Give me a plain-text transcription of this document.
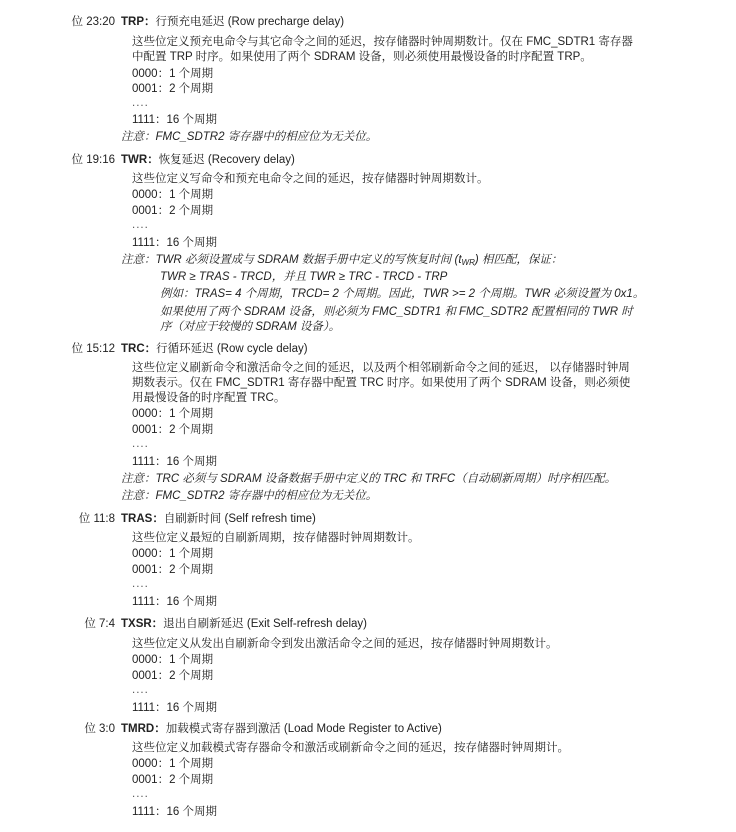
位 23:20 TRP：行预充电延迟 (Row precharge delay)
这些位定义预充电命令与其它命令之间的延迟，按存储器时钟周期数计。仅在 FMC_SDTR1 寄存器
中配置 TRP 时序。如果使用了两个 SDRAM 设备，则必须使用最慢设备的时序配置 TRP。
0000：1 个周期
0001：2 个周期
....
1111：16 个周期
注意：FMC_SDTR2 寄存器中的相应位为无关位。
位 19:16 TWR：恢复延迟 (Recovery delay)
这些位定义写命令和预充电命令之间的延迟，按存储器时钟周期数计。
0000：1 个周期
0001：2 个周期
....
1111：16 个周期
注意：TWR 必须设置成与 SDRAM 数据手册中定义的写恢复时间 $(t_{WR})$ 相匹配，保证：
TWR ≥ TRAS - TRCD，并且 TWR ≥ TRC - TRCD - TRP
例如：TRAS= 4 个周期，TRCD= 2 个周期。因此，TWR >= 2 个周期。TWR 必须设置为 0x1。
如果使用了两个 SDRAM 设备，则必须为 FMC_SDTR1 和 FMC_SDTR2 配置相同的 TWR 时
序（对应于较慢的 SDRAM 设备）。
位 15:12 TRC：行循环延迟 (Row cycle delay)
这些位定义刷新命令和激活命令之间的延迟，以及两个相邻刷新命令之间的延迟， 以存储器时钟周
期数表示。仅在 FMC_SDTR1 寄存器中配置 TRC 时序。如果使用了两个 SDRAM 设备，则必须使
用最慢设备的时序配置 TRC。
0000：1 个周期
0001：2 个周期
....
1111：16 个周期
注意：TRC 必须与 SDRAM 设备数据手册中定义的 TRC 和 TRFC（自动刷新周期）时序相匹配。
注意：FMC_SDTR2 寄存器中的相应位为无关位。
位 11:8 TRAS：自刷新时间 (Self refresh time)
这些位定义最短的自刷新周期，按存储器时钟周期数计。
0000：1 个周期
0001：2 个周期
....
1111：16 个周期
位 7:4 TXSR：退出自刷新延迟 (Exit Self-refresh delay)
这些位定义从发出自刷新命令到发出激活命令之间的延迟，按存储器时钟周期数计。
0000：1 个周期
0001：2 个周期
....
1111：16 个周期
位 3:0 TMRD：加载模式寄存器到激活 (Load Mode Register to Active)
这些位定义加载模式寄存器命令和激活或刷新命令之间的延迟，按存储器时钟周期计。
0000：1 个周期
0001：2 个周期
....
1111：16 个周期
